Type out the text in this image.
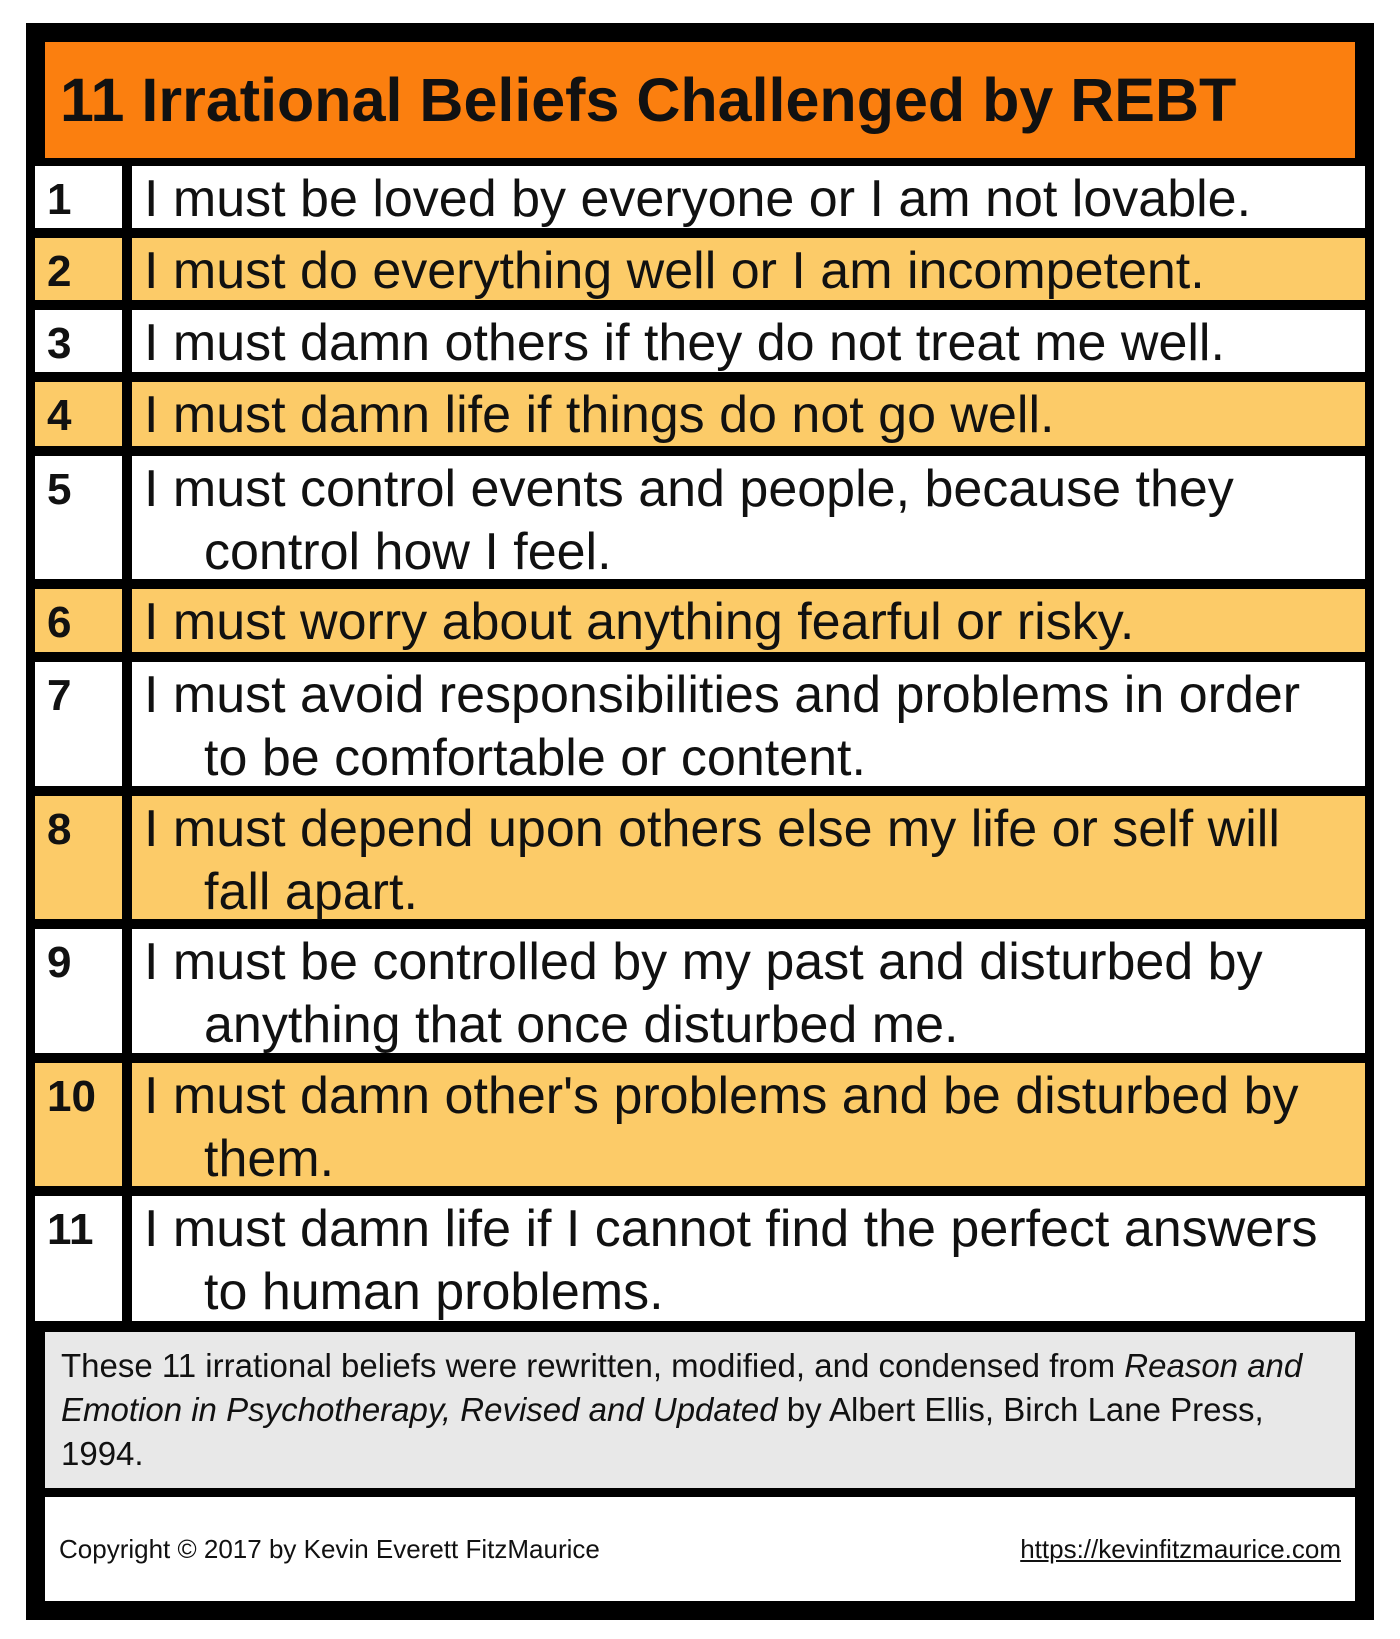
11 Irrational Beliefs Challenged by REBT
1 I must be loved by everyone or I am not lovable.
2 I must do everything well or I am incompetent.
3 I must damn others if they do not treat me well.
4 I must damn life if things do not go well.
5 I must control events and people, because they control how I feel.
6 I must worry about anything fearful or risky.
7 I must avoid responsibilities and problems in order to be comfortable or content.
8 I must depend upon others else my life or self will fall apart.
9 I must be controlled by my past and disturbed by anything that once disturbed me.
10 I must damn other's problems and be disturbed by them.
11 I must damn life if I cannot find the perfect answers to human problems.
These 11 irrational beliefs were rewritten, modified, and condensed from Reason and Emotion in Psychotherapy, Revised and Updated by Albert Ellis, Birch Lane Press, 1994.
Copyright © 2017 by Kevin Everett FitzMaurice	https://kevinfitzmaurice.com
